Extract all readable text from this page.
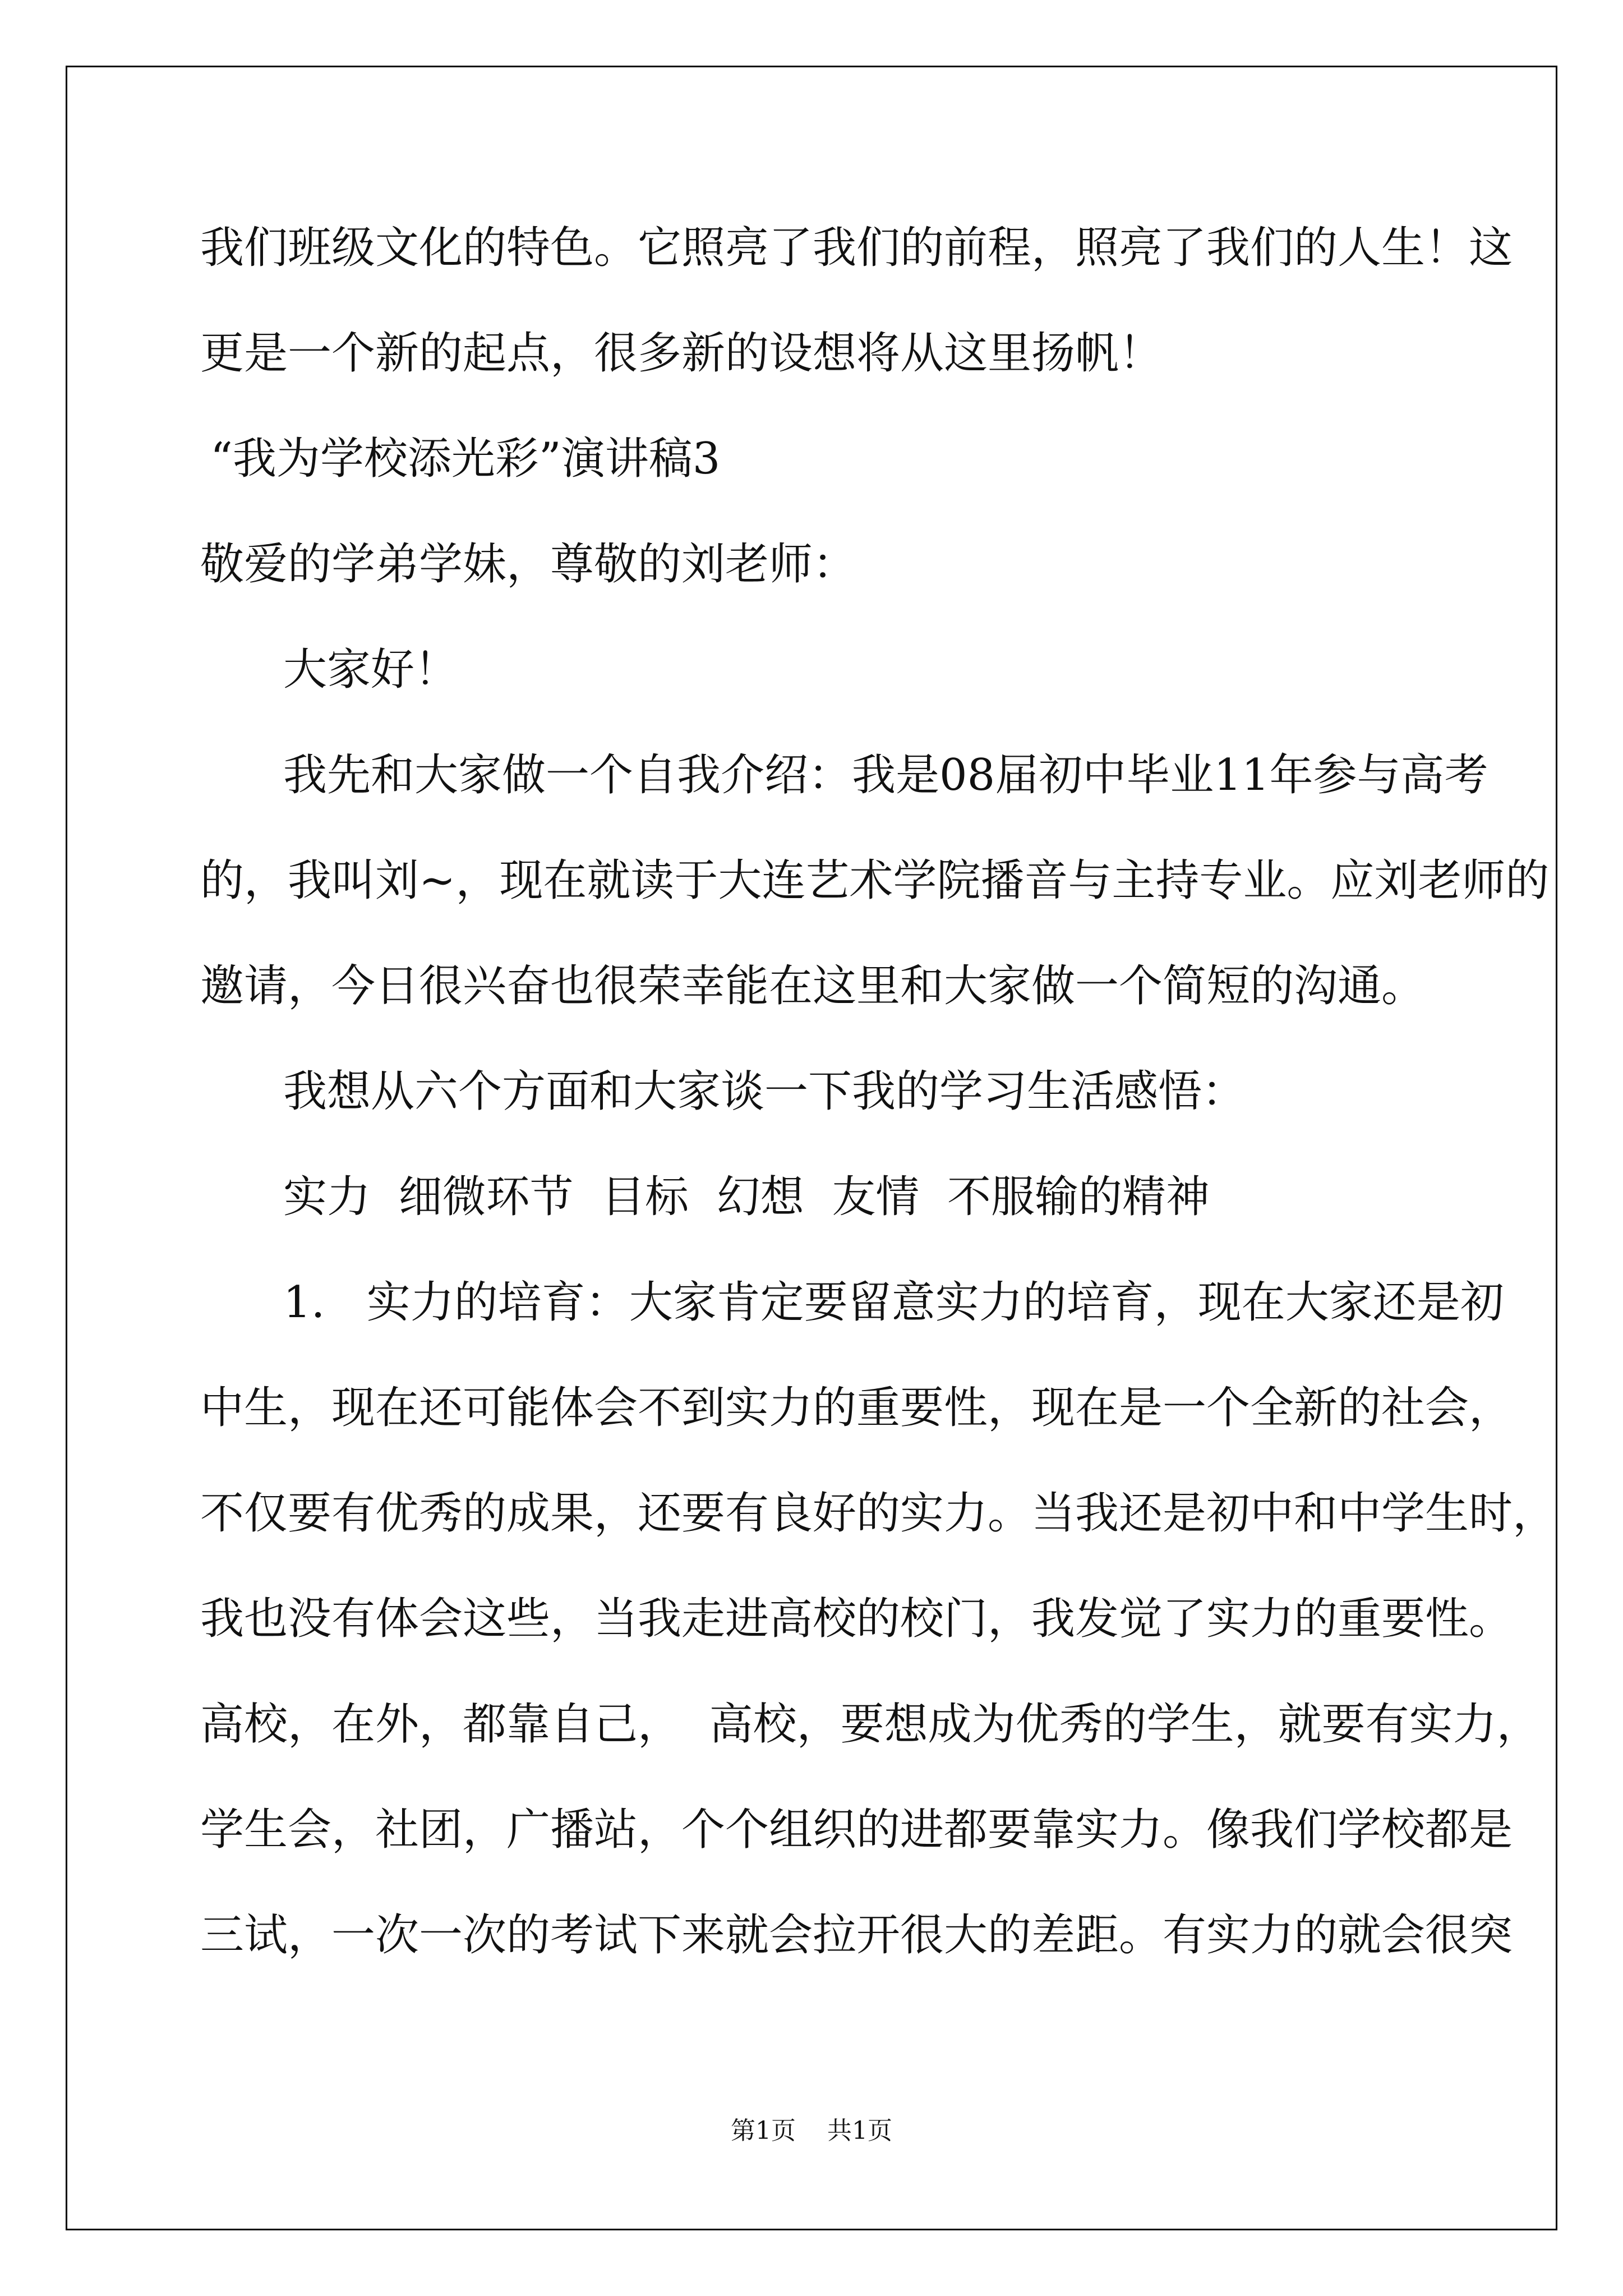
我们班级文化的特色。它照亮了我们的前程，照亮了我们的人生！这

更是一个新的起点，很多新的设想将从这里扬帆！

“我为学校添光彩”演讲稿3

敬爱的学弟学妹，尊敬的刘老师：

大家好！

我先和大家做一个自我介绍：我是08届初中毕业11年参与高考

的，我叫刘~，现在就读于大连艺术学院播音与主持专业。应刘老师的

邀请，今日很兴奋也很荣幸能在这里和大家做一个简短的沟通。

我想从六个方面和大家谈一下我的学习生活感悟：

实力  细微环节  目标  幻想  友情  不服输的精神

1.   实力的培育：大家肯定要留意实力的培育，现在大家还是初

中生，现在还可能体会不到实力的重要性，现在是一个全新的社会，

不仅要有优秀的成果，还要有良好的实力。当我还是初中和中学生时，

我也没有体会这些，当我走进高校的校门，我发觉了实力的重要性。

高校，在外，都靠自己，  高校，要想成为优秀的学生，就要有实力，

学生会，社团，广播站，个个组织的进都要靠实力。像我们学校都是

三试，一次一次的考试下来就会拉开很大的差距。有实力的就会很突

第1页    共1页
